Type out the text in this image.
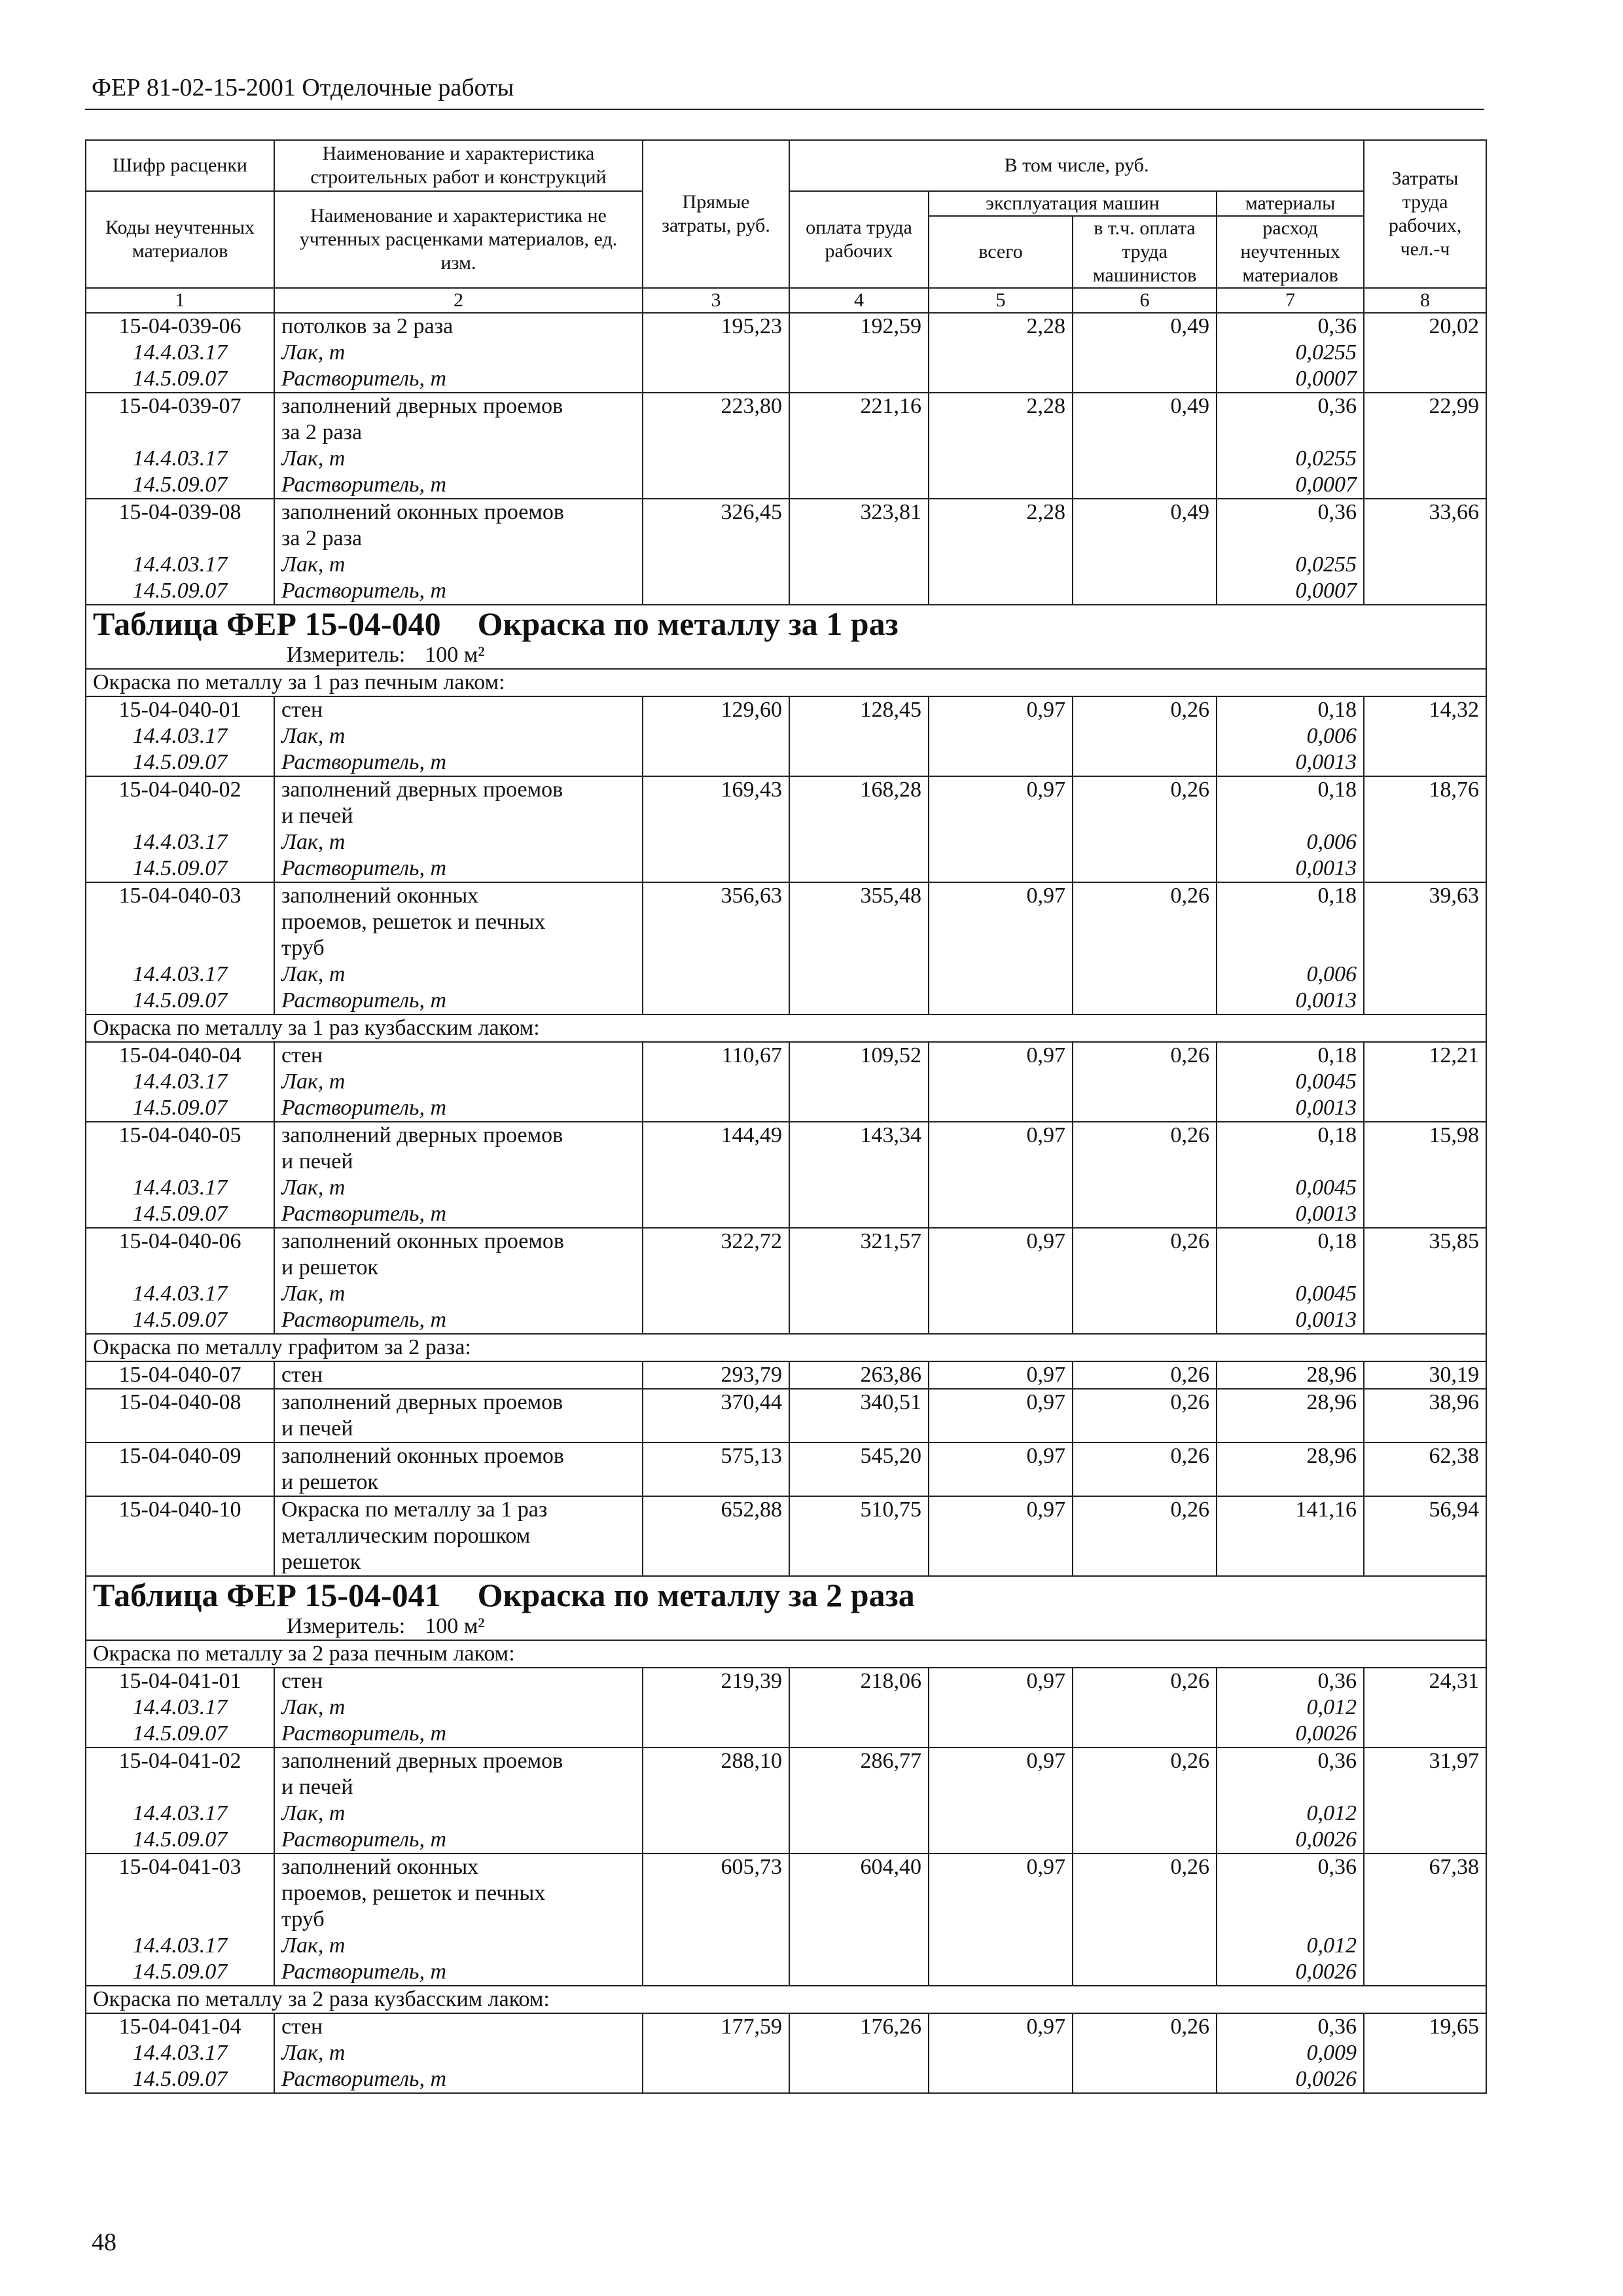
ФЕР 81-02-15-2001 Отделочные работы
Шифр расценки	Наименование и характеристика строительных работ и конструкций	Прямые затраты, руб.	В том числе, руб.				Затраты труда рабочих, чел.-ч
Коды неучтенных материалов	Наименование и характеристика не учтенных расценками материалов, ед. изм.		оплата труда рабочих	эксплуатация машин		материалы	
				всего	в т.ч. оплата труда машинистов	расход неучтенных материалов	

1	2	3	4	5	6	7	8
15-04-039-06	потолков за 2 раза	195,23	192,59	2,28	0,49	0,36	20,02
14.4.03.17	Лак, т					0,0255	
14.5.09.07	Растворитель, т					0,0007	
15-04-039-07	заполнений дверных проемов	223,80	221,16	2,28	0,49	0,36	22,99
	за 2 раза						
14.4.03.17	Лак, т					0,0255	
14.5.09.07	Растворитель, т					0,0007	
15-04-039-08	заполнений оконных проемов	326,45	323,81	2,28	0,49	0,36	33,66
	за 2 раза						
14.4.03.17	Лак, т					0,0255	
14.5.09.07	Растворитель, т					0,0007	
Таблица ФЕР 15-04-040 Окраска по металлу за 1 раз
Измеритель: 100 м²							

Окраска по металлу за 1 раз печным лаком:							
15-04-040-01	стен	129,60	128,45	0,97	0,26	0,18	14,32
14.4.03.17	Лак, т					0,006	
14.5.09.07	Растворитель, т					0,0013	
15-04-040-02	заполнений дверных проемов	169,43	168,28	0,97	0,26	0,18	18,76
	и печей						
14.4.03.17	Лак, т					0,006	
14.5.09.07	Растворитель, т					0,0013	
15-04-040-03	заполнений оконных	356,63	355,48	0,97	0,26	0,18	39,63
	проемов, решеток и печных						
	труб						
14.4.03.17	Лак, т					0,006	
14.5.09.07	Растворитель, т					0,0013	
Окраска по металлу за 1 раз кузбасским лаком:							
15-04-040-04	стен	110,67	109,52	0,97	0,26	0,18	12,21
14.4.03.17	Лак, т					0,0045	
14.5.09.07	Растворитель, т					0,0013	
15-04-040-05	заполнений дверных проемов	144,49	143,34	0,97	0,26	0,18	15,98
	и печей						
14.4.03.17	Лак, т					0,0045	
14.5.09.07	Растворитель, т					0,0013	
15-04-040-06	заполнений оконных проемов	322,72	321,57	0,97	0,26	0,18	35,85
	и решеток						
14.4.03.17	Лак, т					0,0045	
14.5.09.07	Растворитель, т					0,0013	
Окраска по металлу графитом за 2 раза:							
15-04-040-07	стен	293,79	263,86	0,97	0,26	28,96	30,19
15-04-040-08	заполнений дверных проемов	370,44	340,51	0,97	0,26	28,96	38,96
	и печей						
15-04-040-09	заполнений оконных проемов	575,13	545,20	0,97	0,26	28,96	62,38
	и решеток						
15-04-040-10	Окраска по металлу за 1 раз	652,88	510,75	0,97	0,26	141,16	56,94
	металлическим порошком						
	решеток						
Таблица ФЕР 15-04-041 Окраска по металлу за 2 раза
Измеритель: 100 м²							

Окраска по металлу за 2 раза печным лаком:							
15-04-041-01	стен	219,39	218,06	0,97	0,26	0,36	24,31
14.4.03.17	Лак, т					0,012	
14.5.09.07	Растворитель, т					0,0026	
15-04-041-02	заполнений дверных проемов	288,10	286,77	0,97	0,26	0,36	31,97
	и печей						
14.4.03.17	Лак, т					0,012	
14.5.09.07	Растворитель, т					0,0026	
15-04-041-03	заполнений оконных	605,73	604,40	0,97	0,26	0,36	67,38
	проемов, решеток и печных						
	труб						
14.4.03.17	Лак, т					0,012	
14.5.09.07	Растворитель, т					0,0026	
Окраска по металлу за 2 раза кузбасским лаком:							
15-04-041-04	стен	177,59	176,26	0,97	0,26	0,36	19,65
14.4.03.17	Лак, т					0,009	
14.5.09.07	Растворитель, т					0,0026	
48
